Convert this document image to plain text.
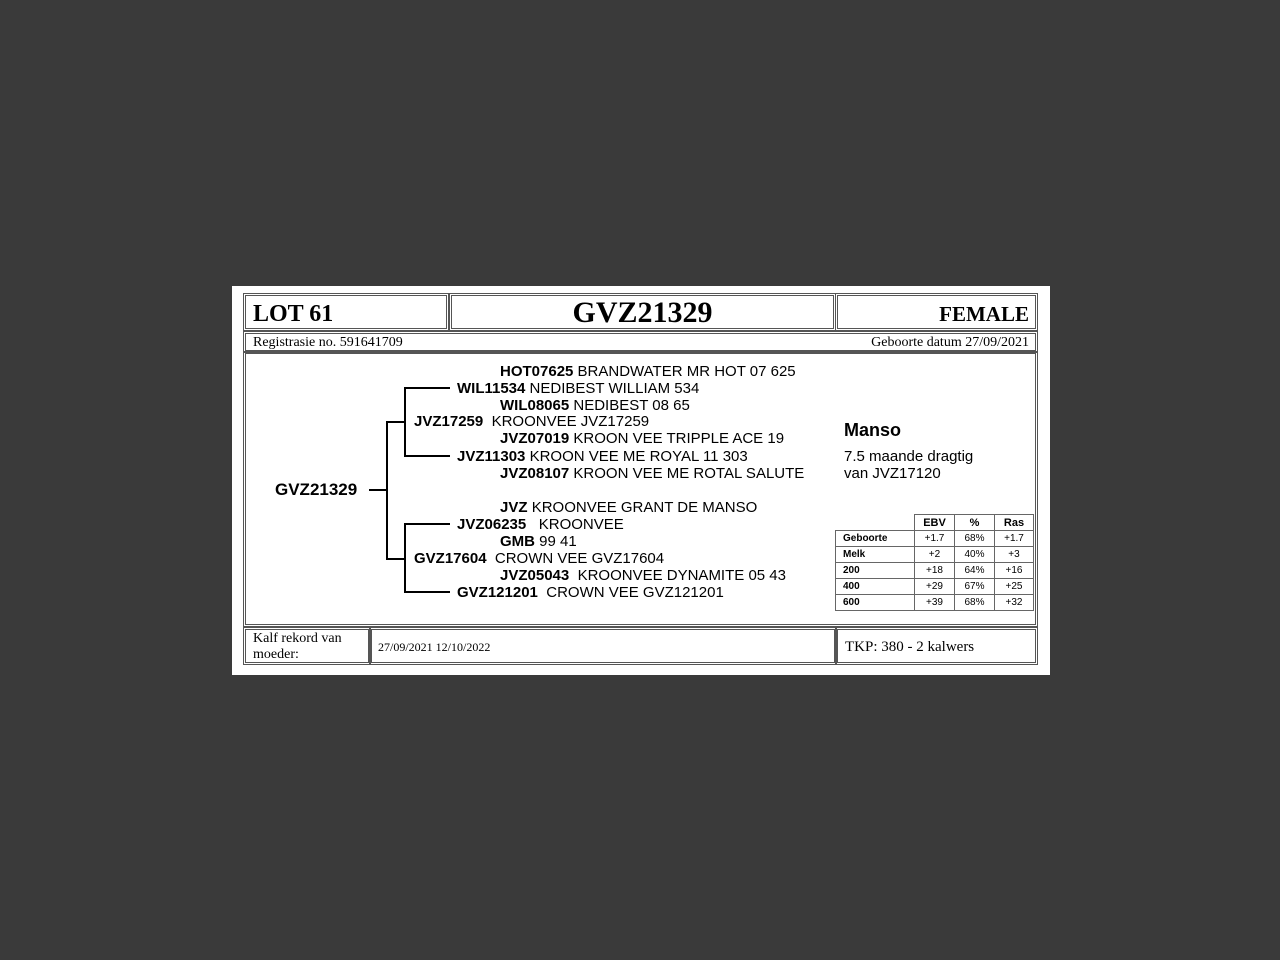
LOT 61	GVZ21329	FEMALE
Registrasie no. 591641709	Geboorte datum 27/09/2021
GVZ21329
HOT07625 BRANDWATER MR HOT 07 625
WIL11534 NEDIBEST WILLIAM 534
WIL08065 NEDIBEST 08 65
JVZ17259 KROONVEE JVZ17259
JVZ07019 KROON VEE TRIPPLE ACE 19
JVZ11303 KROON VEE ME ROYAL 11 303
JVZ08107 KROON VEE ME ROTAL SALUTE
JVZ KROONVEE GRANT DE MANSO
JVZ06235 KROONVEE
GMB 99 41
GVZ17604 CROWN VEE GVZ17604
JVZ05043 KROONVEE DYNAMITE 05 43
GVZ121201 CROWN VEE GVZ121201
Manso
7.5 maande dragtig
van JVZ17120
	EBV	%	Ras
Geboorte	+1.7	68%	+1.7
Melk	+2	40%	+3
200	+18	64%	+16
400	+29	67%	+25
600	+39	68%	+32
Kalf rekord van moeder:	27/09/2021 12/10/2022	TKP: 380 - 2 kalwers
